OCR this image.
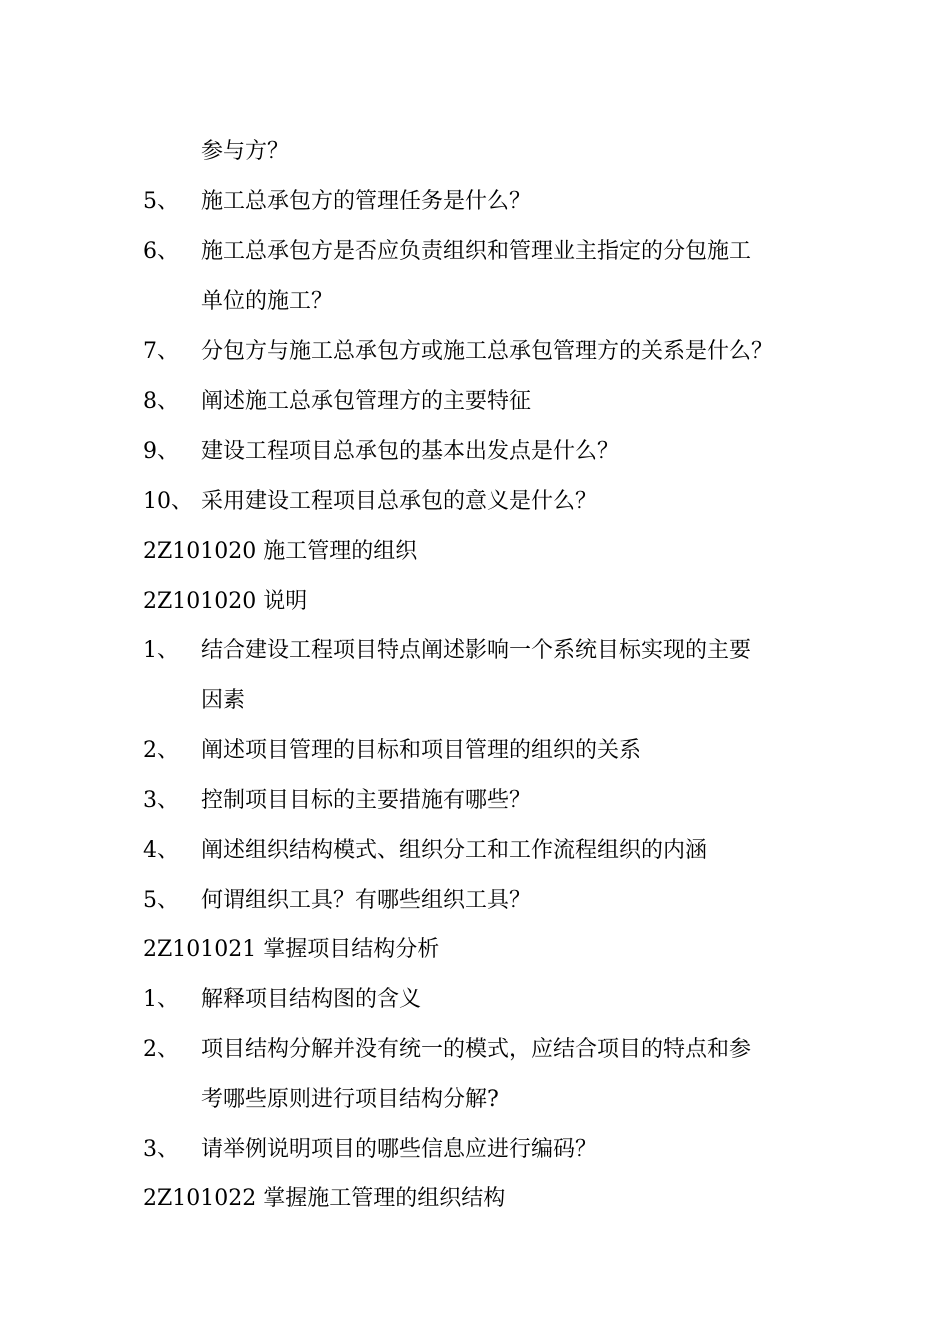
参与方？
5、 施工总承包方的管理任务是什么？
6、 施工总承包方是否应负责组织和管理业主指定的分包施工
单位的施工？
7、 分包方与施工总承包方或施工总承包管理方的关系是什么？
8、 阐述施工总承包管理方的主要特征
9、 建设工程项目总承包的基本出发点是什么？
10、 采用建设工程项目总承包的意义是什么？
2Z101020 施工管理的组织
2Z101020 说明
1、 结合建设工程项目特点阐述影响一个系统目标实现的主要
因素
2、 阐述项目管理的目标和项目管理的组织的关系
3、 控制项目目标的主要措施有哪些？
4、 阐述组织结构模式、组织分工和工作流程组织的内涵
5、 何谓组织工具？有哪些组织工具？
2Z101021 掌握项目结构分析
1、 解释项目结构图的含义
2、 项目结构分解并没有统一的模式，应结合项目的特点和参
考哪些原则进行项目结构分解?
3、 请举例说明项目的哪些信息应进行编码？
2Z101022 掌握施工管理的组织结构
